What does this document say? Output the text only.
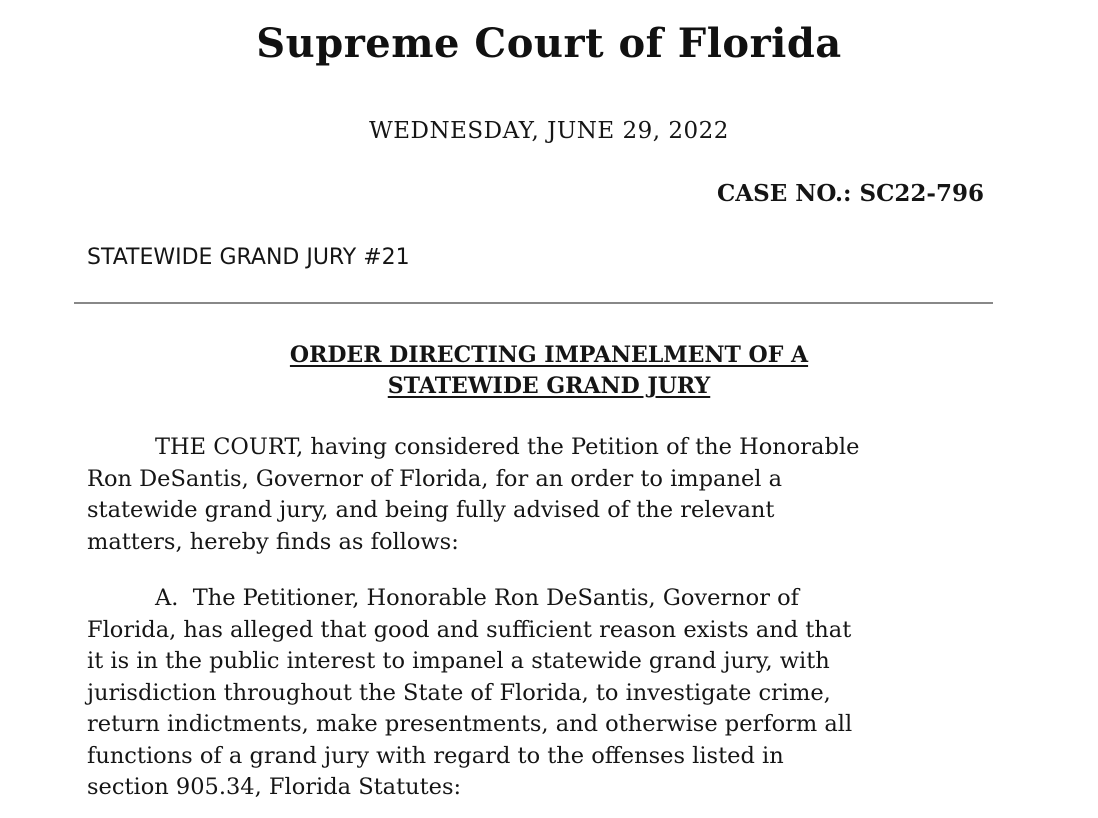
Supreme Court of Florida
WEDNESDAY, JUNE 29, 2022
CASE NO.: SC22-796
STATEWIDE GRAND JURY #21
ORDER DIRECTING IMPANELMENT OF A
STATEWIDE GRAND JURY
THE COURT, having considered the Petition of the Honorable
Ron DeSantis, Governor of Florida, for an order to impanel a
statewide grand jury, and being fully advised of the relevant
matters, hereby finds as follows:
A.  The Petitioner, Honorable Ron DeSantis, Governor of
Florida, has alleged that good and sufficient reason exists and that
it is in the public interest to impanel a statewide grand jury, with
jurisdiction throughout the State of Florida, to investigate crime,
return indictments, make presentments, and otherwise perform all
functions of a grand jury with regard to the offenses listed in
section 905.34, Florida Statutes:
